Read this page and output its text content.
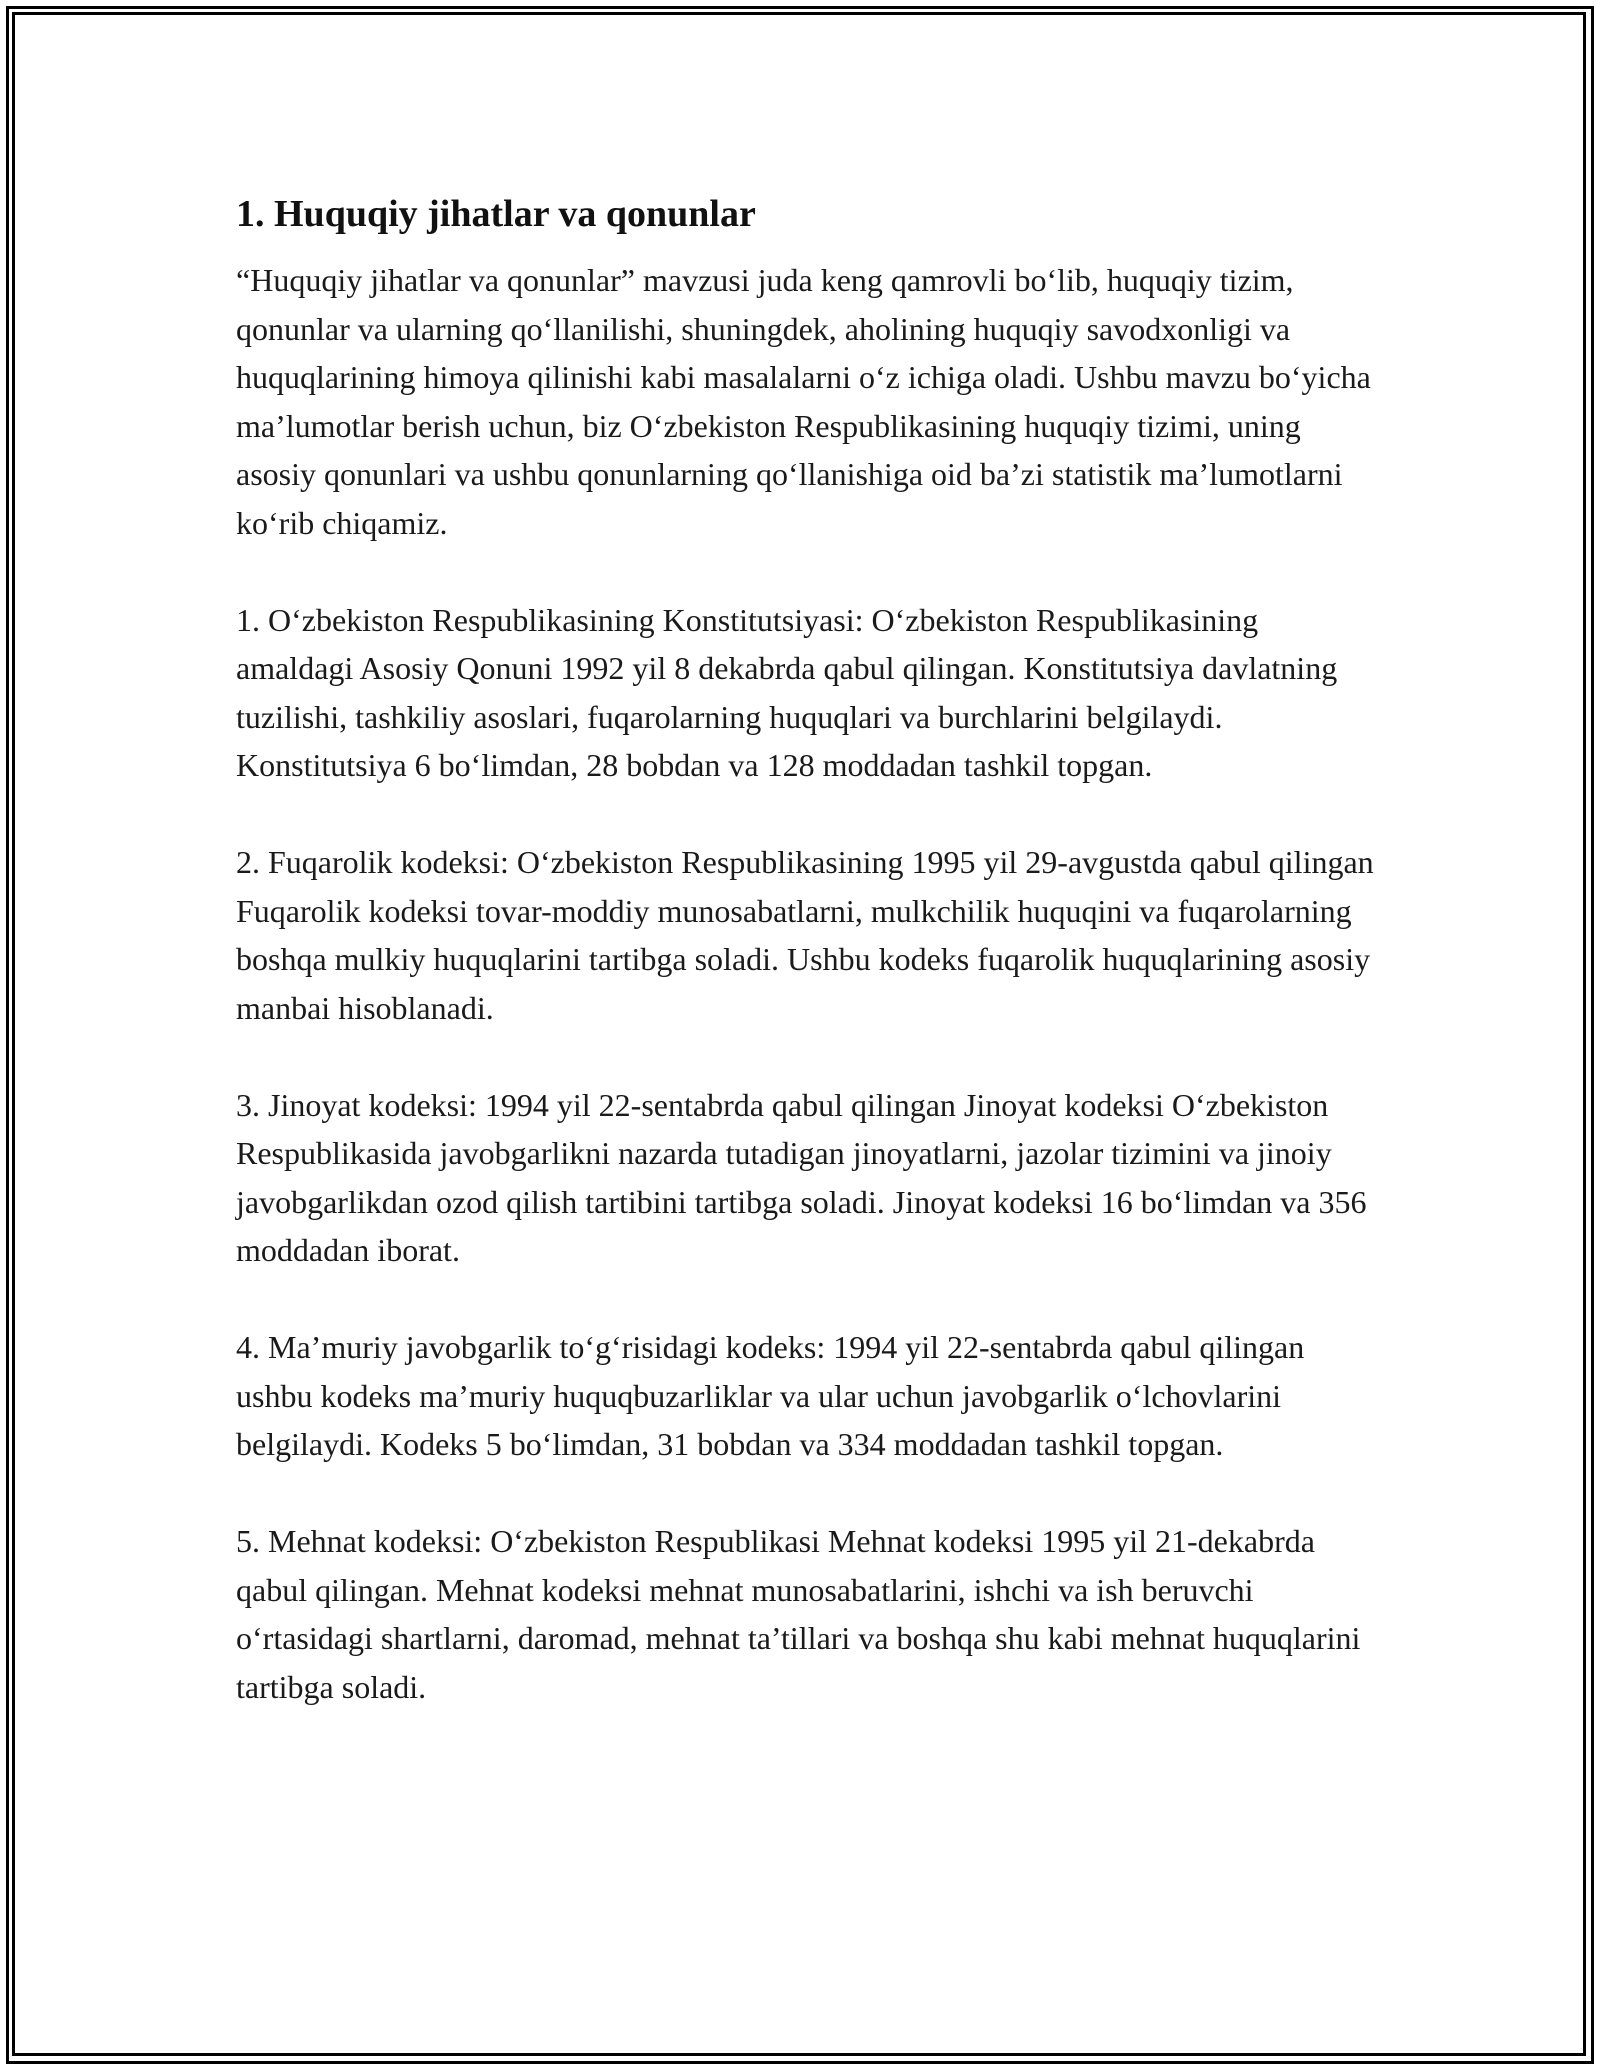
1. Huquqiy jihatlar va qonunlar

“Huquqiy jihatlar va qonunlar” mavzusi juda keng qamrovli bo‘lib, huquqiy tizim, qonunlar va ularning qo‘llanilishi, shuningdek, aholining huquqiy savodxonligi va huquqlarining himoya qilinishi kabi masalalarni o‘z ichiga oladi. Ushbu mavzu bo‘yicha ma’lumotlar berish uchun, biz O‘zbekiston Respublikasining huquqiy tizimi, uning asosiy qonunlari va ushbu qonunlarning qo‘llanishiga oid ba’zi statistik ma’lumotlarni ko‘rib chiqamiz.

1. O‘zbekiston Respublikasining Konstitutsiyasi: O‘zbekiston Respublikasining amaldagi Asosiy Qonuni 1992 yil 8 dekabrda qabul qilingan. Konstitutsiya davlatning tuzilishi, tashkiliy asoslari, fuqarolarning huquqlari va burchlarini belgilaydi. Konstitutsiya 6 bo‘limdan, 28 bobdan va 128 moddadan tashkil topgan.

2. Fuqarolik kodeksi: O‘zbekiston Respublikasining 1995 yil 29-avgustda qabul qilingan Fuqarolik kodeksi tovar-moddiy munosabatlarni, mulkchilik huquqini va fuqarolarning boshqa mulkiy huquqlarini tartibga soladi. Ushbu kodeks fuqarolik huquqlarining asosiy manbai hisoblanadi.

3. Jinoyat kodeksi: 1994 yil 22-sentabrda qabul qilingan Jinoyat kodeksi O‘zbekiston Respublikasida javobgarlikni nazarda tutadigan jinoyatlarni, jazolar tizimini va jinoiy javobgarlikdan ozod qilish tartibini tartibga soladi. Jinoyat kodeksi 16 bo‘limdan va 356 moddadan iborat.

4. Ma’muriy javobgarlik to‘g‘risidagi kodeks: 1994 yil 22-sentabrda qabul qilingan ushbu kodeks ma’muriy huquqbuzarliklar va ular uchun javobgarlik o‘lchovlarini belgilaydi. Kodeks 5 bo‘limdan, 31 bobdan va 334 moddadan tashkil topgan.

5. Mehnat kodeksi: O‘zbekiston Respublikasi Mehnat kodeksi 1995 yil 21-dekabrda qabul qilingan. Mehnat kodeksi mehnat munosabatlarini, ishchi va ish beruvchi o‘rtasidagi shartlarni, daromad, mehnat ta’tillari va boshqa shu kabi mehnat huquqlarini tartibga soladi.
